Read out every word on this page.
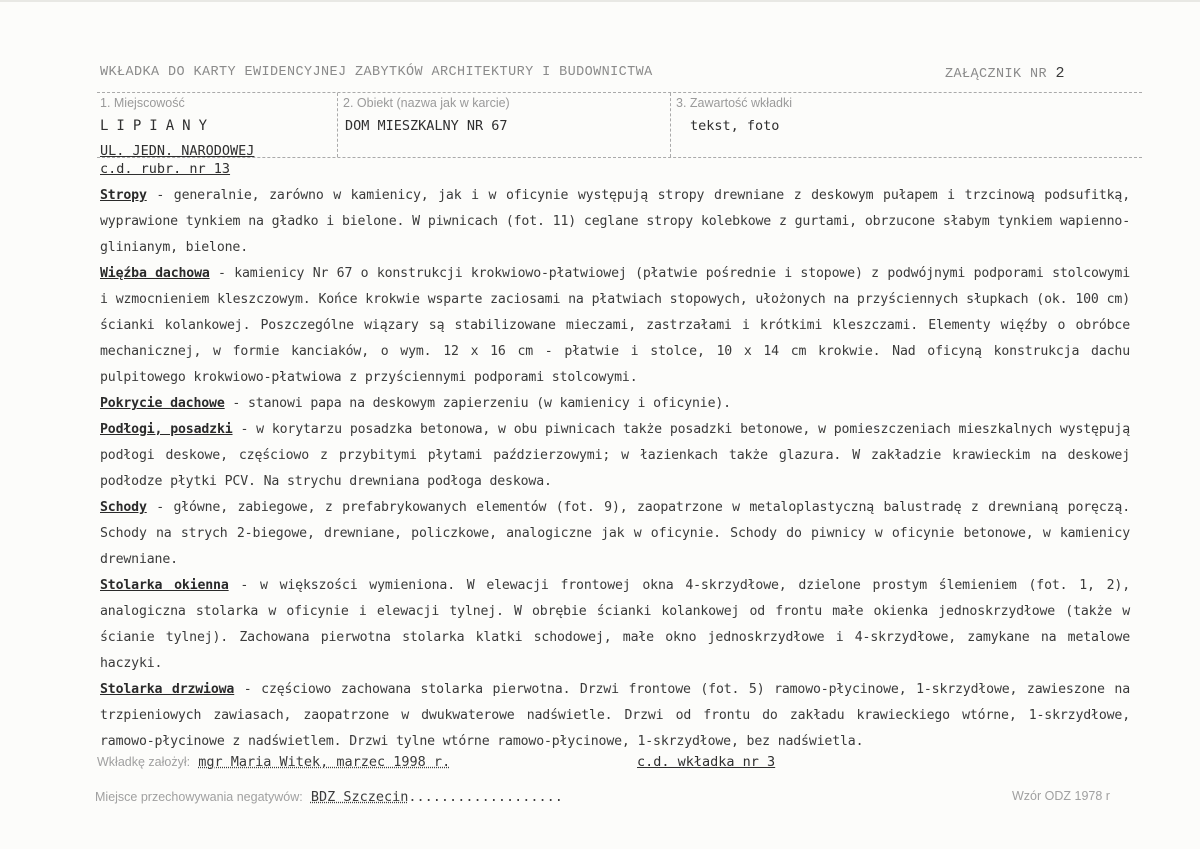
WKŁADKA DO KARTY EWIDENCYJNEJ ZABYTKÓW ARCHITEKTURY I BUDOWNICTWA	ZAŁĄCZNIK NR 2
1. Miejscowość
LIPIANY
UL. JEDN. NARODOWEJ
2. Obiekt (nazwa jak w karcie)
DOM MIESZKALNY NR 67
3. Zawartość wkładki
tekst, foto
c.d. rubr. nr 13

Stropy - generalnie, zarówno w kamienicy, jak i w oficynie występują stropy drewniane z deskowym pułapem i trzcinową podsufitką, wyprawione tynkiem na gładko i bielone. W piwnicach (fot. 11) ceglane stropy kolebkowe z gurtami, obrzucone słabym tynkiem wapienno-glinianym, bielone.

Więźba dachowa - kamienicy Nr 67 o konstrukcji krokwiowo-płatwiowej (płatwie pośrednie i stopowe) z podwójnymi podporami stolcowymi i wzmocnieniem kleszczowym. Końce krokwie wsparte zaciosami na płatwiach stopowych, ułożonych na przyściennych słupkach (ok. 100 cm) ścianki kolankowej. Poszczególne wiązary są stabilizowane mieczami, zastrzałami i krótkimi kleszczami. Elementy więźby o obróbce mechanicznej, w formie kanciaków, o wym. 12 x 16 cm - płatwie i stolce, 10 x 14 cm krokwie. Nad oficyną konstrukcja dachu pulpitowego krokwiowo-płatwiowa z przyściennymi podporami stolcowymi.

Pokrycie dachowe - stanowi papa na deskowym zapierzeniu (w kamienicy i oficynie).

Podłogi, posadzki - w korytarzu posadzka betonowa, w obu piwnicach także posadzki betonowe, w pomieszczeniach mieszkalnych występują podłogi deskowe, częściowo z przybitymi płytami paździerzowymi; w łazienkach także glazura. W zakładzie krawieckim na deskowej podłodze płytki PCV. Na strychu drewniana podłoga deskowa.

Schody - główne, zabiegowe, z prefabrykowanych elementów (fot. 9), zaopatrzone w metaloplastyczną balustradę z drewnianą poręczą. Schody na strych 2-biegowe, drewniane, policzkowe, analogiczne jak w oficynie. Schody do piwnicy w oficynie betonowe, w kamienicy drewniane.

Stolarka okienna - w większości wymieniona. W elewacji frontowej okna 4-skrzydłowe, dzielone prostym ślemieniem (fot. 1, 2), analogiczna stolarka w oficynie i elewacji tylnej. W obrębie ścianki kolankowej od frontu małe okienka jednoskrzydłowe (także w ścianie tylnej). Zachowana pierwotna stolarka klatki schodowej, małe okno jednoskrzydłowe i 4-skrzydłowe, zamykane na metalowe haczyki.

Stolarka drzwiowa - częściowo zachowana stolarka pierwotna. Drzwi frontowe (fot. 5) ramowo-płycinowe, 1-skrzydłowe, zawieszone na trzpieniowych zawiasach, zaopatrzone w dwukwaterowe nadświetle. Drzwi od frontu do zakładu krawieckiego wtórne, 1-skrzydłowe, ramowo-płycinowe z nadświetlem. Drzwi tylne wtórne ramowo-płycinowe, 1-skrzydłowe, bez nadświetla.

Wkładkę założył: mgr Maria Witek, marzec 1998 r.	c.d. wkładka nr 3
Miejsce przechowywania negatywów: BDZ Szczecin...................	Wzór ODZ 1978 r
